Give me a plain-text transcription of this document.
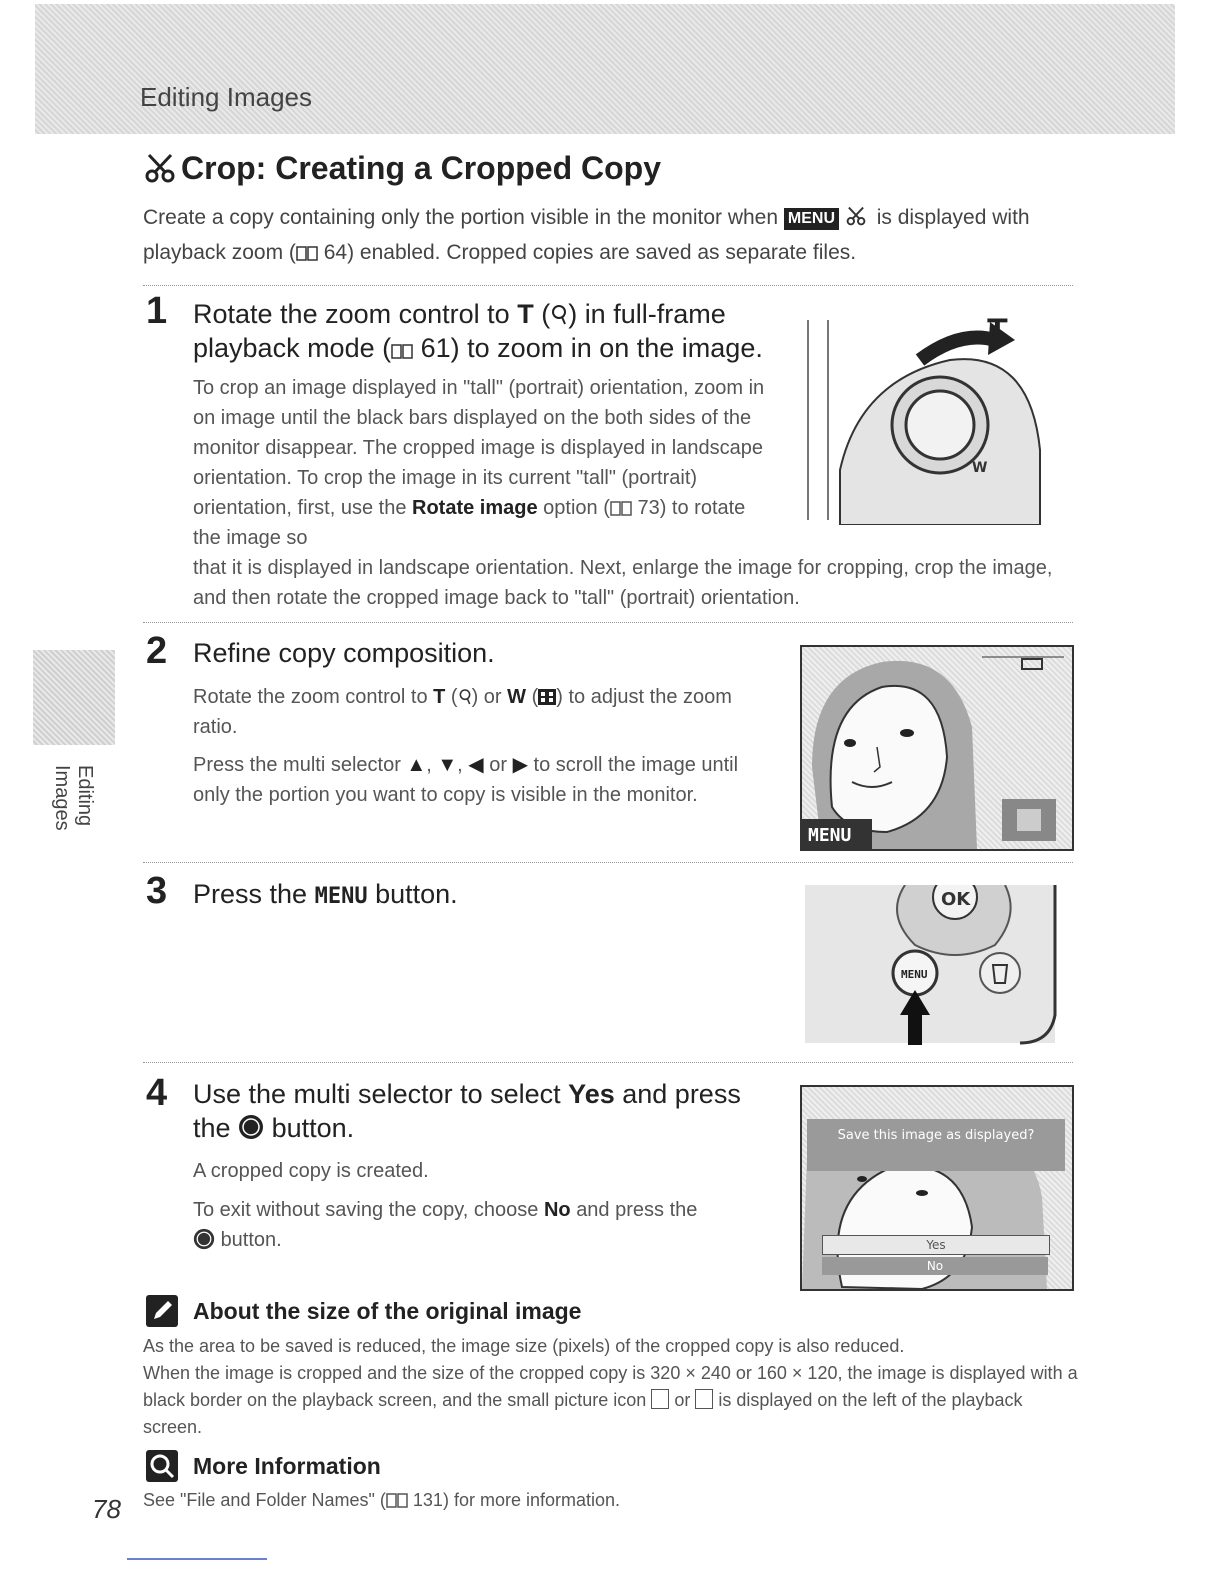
Editing Images
Editing Images
Crop: Creating a Cropped Copy
Create a copy containing only the portion visible in the monitor when MENU is displayed with playback zoom ( 64) enabled. Cropped copies are saved as separate files.
1 Rotate the zoom control to T ( ) in full-frame playback mode ( 61) to zoom in on the image.
To crop an image displayed in "tall" (portrait) orientation, zoom in on image until the black bars displayed on the both sides of the monitor disappear. The cropped image is displayed in landscape orientation. To crop the image in its current "tall" (portrait) orientation, first, use the Rotate image option ( 73) to rotate the image so
that it is displayed in landscape orientation. Next, enlarge the image for cropping, crop the image, and then rotate the cropped image back to "tall" (portrait) orientation.
W
T
2 Refine copy composition.
Rotate the zoom control to T ( ) or W ( ) to adjust the zoom ratio.
Press the multi selector ▲, ▼, ◀ or ▶ to scroll the image until only the portion you want to copy is visible in the monitor.
MENU
3 Press the MENU button.	OK
MENU
4 Use the multi selector to select Yes and press
the button.
A cropped copy is created.
To exit without saving the copy, choose No and press the
button.
Save this image as displayed?
Yes
No
About the size of the original image
As the area to be saved is reduced, the image size (pixels) of the cropped copy is also reduced.
When the image is cropped and the size of the cropped copy is 320 × 240 or 160 × 120, the image is displayed with a black border on the playback screen, and the small picture icon or is displayed on the left of the playback screen.
More Information
See "File and Folder Names" ( 131) for more information.
78
